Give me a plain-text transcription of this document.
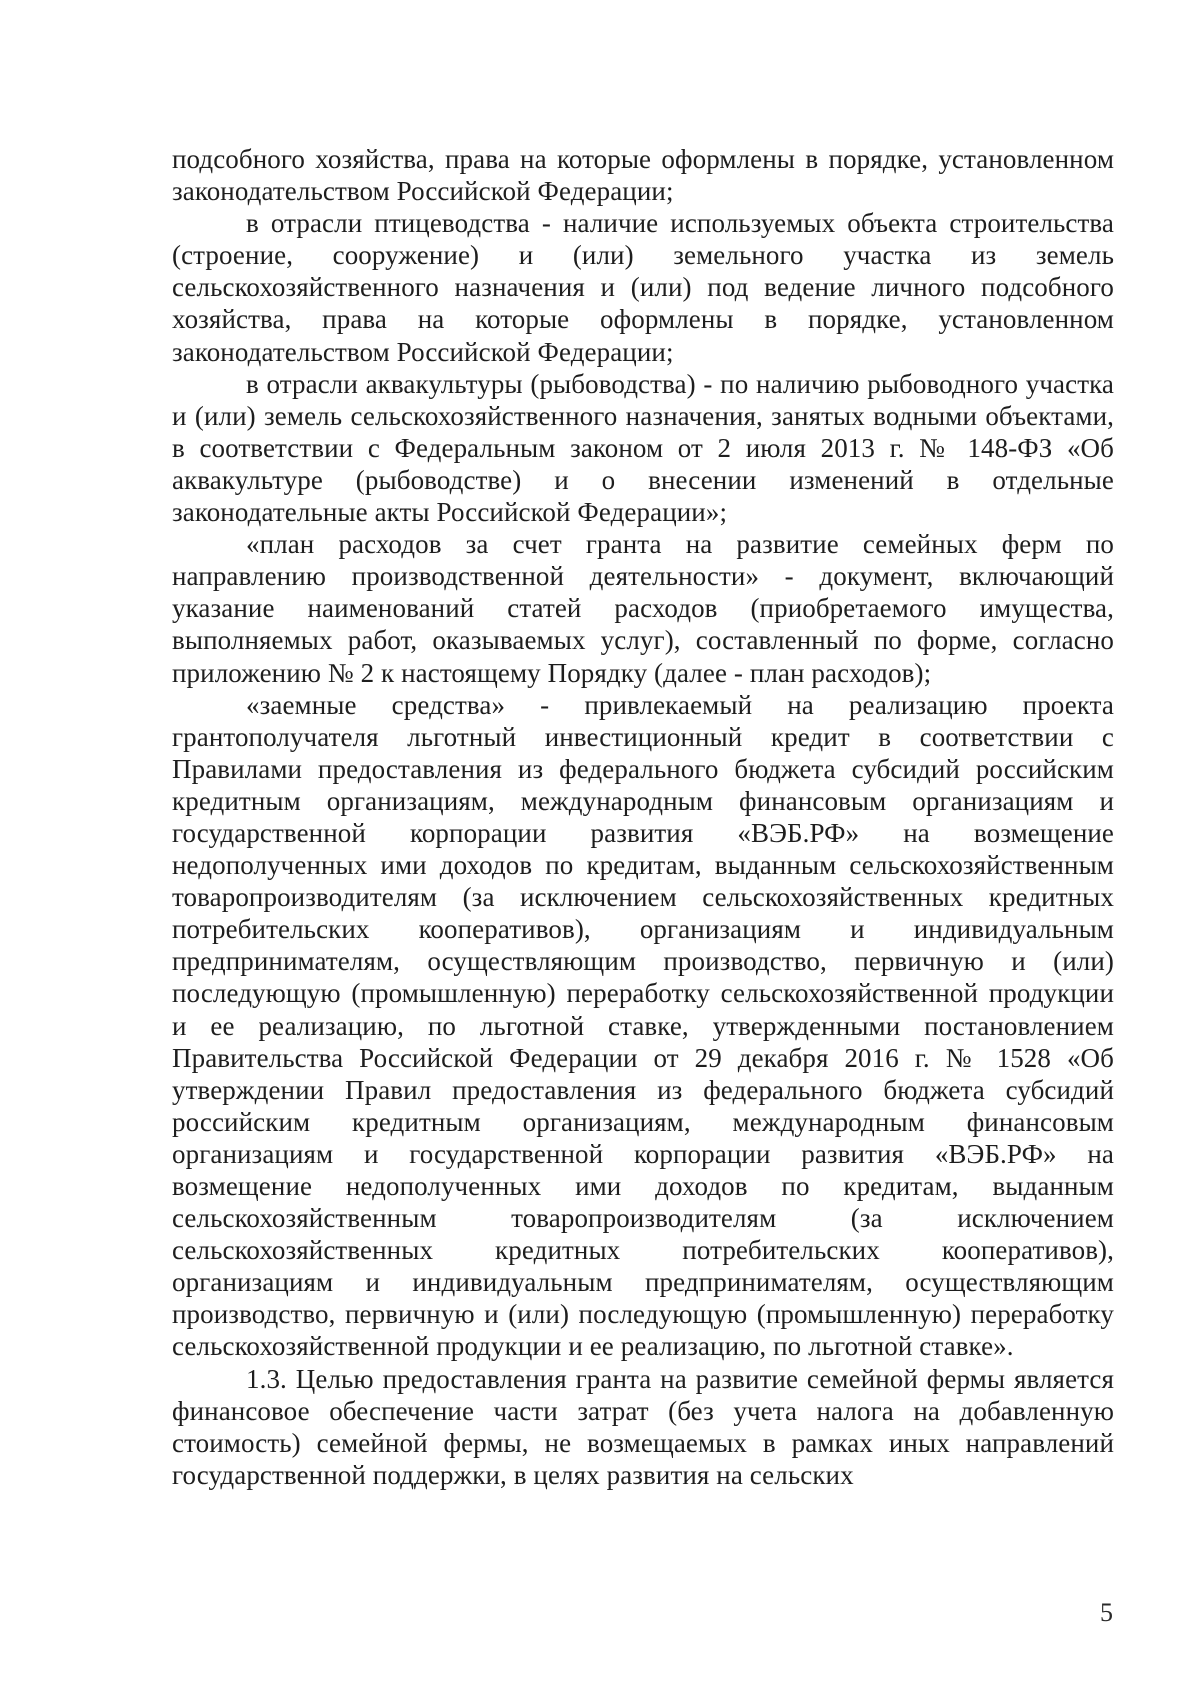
подсобного хозяйства, права на которые оформлены в порядке, установленном законодательством Российской Федерации;

в отрасли птицеводства - наличие используемых объекта строительства (строение, сооружение) и (или) земельного участка из земель сельскохозяйственного назначения и (или) под ведение личного подсобного хозяйства, права на которые оформлены в порядке, установленном законодательством Российской Федерации;

в отрасли аквакультуры (рыбоводства) - по наличию рыбоводного участка и (или) земель сельскохозяйственного назначения, занятых водными объектами, в соответствии с Федеральным законом от 2 июля 2013 г. № 148-ФЗ «Об аквакультуре (рыбоводстве) и о внесении изменений в отдельные законодательные акты Российской Федерации»;

«план расходов за счет гранта на развитие семейных ферм по направлению производственной деятельности» - документ, включающий указание наименований статей расходов (приобретаемого имущества, выполняемых работ, оказываемых услуг), составленный по форме, согласно приложению № 2 к настоящему Порядку (далее - план расходов);

«заемные средства» - привлекаемый на реализацию проекта грантополучателя льготный инвестиционный кредит в соответствии с Правилами предоставления из федерального бюджета субсидий российским кредитным организациям, международным финансовым организациям и государственной корпорации развития «ВЭБ.РФ» на возмещение недополученных ими доходов по кредитам, выданным сельскохозяйственным товаропроизводителям (за исключением сельскохозяйственных кредитных потребительских кооперативов), организациям и индивидуальным предпринимателям, осуществляющим производство, первичную и (или) последующую (промышленную) переработку сельскохозяйственной продукции и ее реализацию, по льготной ставке, утвержденными постановлением Правительства Российской Федерации от 29 декабря 2016 г. № 1528 «Об утверждении Правил предоставления из федерального бюджета субсидий российским кредитным организациям, международным финансовым организациям и государственной корпорации развития «ВЭБ.РФ» на возмещение недополученных ими доходов по кредитам, выданным сельскохозяйственным товаропроизводителям (за исключением сельскохозяйственных кредитных потребительских кооперативов), организациям и индивидуальным предпринимателям, осуществляющим производство, первичную и (или) последующую (промышленную) переработку сельскохозяйственной продукции и ее реализацию, по льготной ставке».

1.3. Целью предоставления гранта на развитие семейной фермы является финансовое обеспечение части затрат (без учета налога на добавленную стоимость) семейной фермы, не возмещаемых в рамках иных направлений государственной поддержки, в целях развития на сельских

5
